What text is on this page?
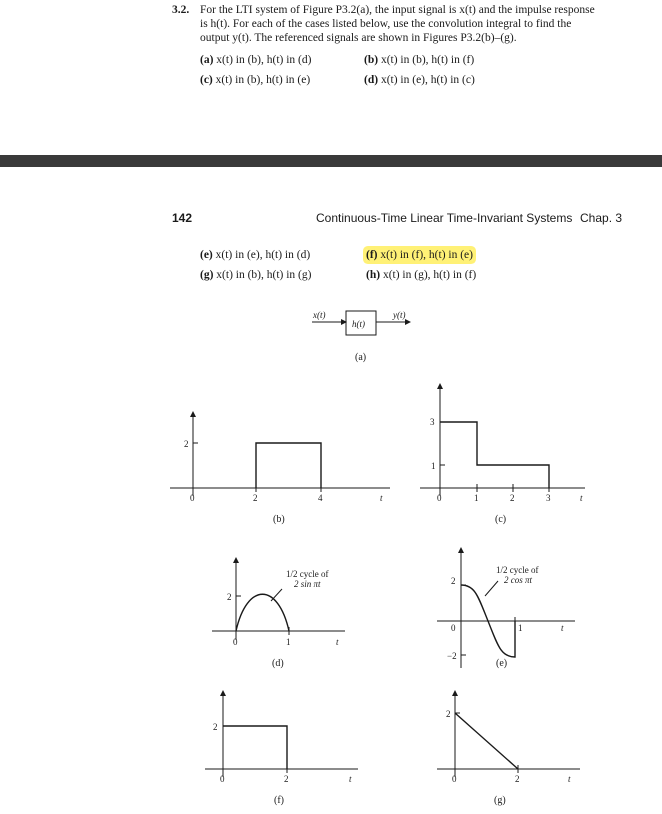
3.2. For the LTI system of Figure P3.2(a), the input signal is x(t) and the impulse response
is h(t). For each of the cases listed below, use the convolution integral to find the
output y(t). The referenced signals are shown in Figures P3.2(b)–(g).
(a) x(t) in (b), h(t) in (d)	(b) x(t) in (b), h(t) in (f)
(c) x(t) in (b), h(t) in (e)	(d) x(t) in (e), h(t) in (c)
142	Continuous-Time Linear Time-Invariant Systems Chap. 3
(e) x(t) in (e), h(t) in (d)	(f) x(t) in (f), h(t) in (e)
(g) x(t) in (b), h(t) in (g)	(h) x(t) in (g), h(t) in (f)
x(t)
h(t)
y(t)
(a)
2
0	2	4	t
(b)
3
1
0	1	2	3	t
(c)
2
0	1	t
1/2 cycle of
2 sin πt
(d)
2
−2
0	1	t
1/2 cycle of
2 cos πt
(e)
2
0	2	t
(f)
2
0	2	t
(g)
